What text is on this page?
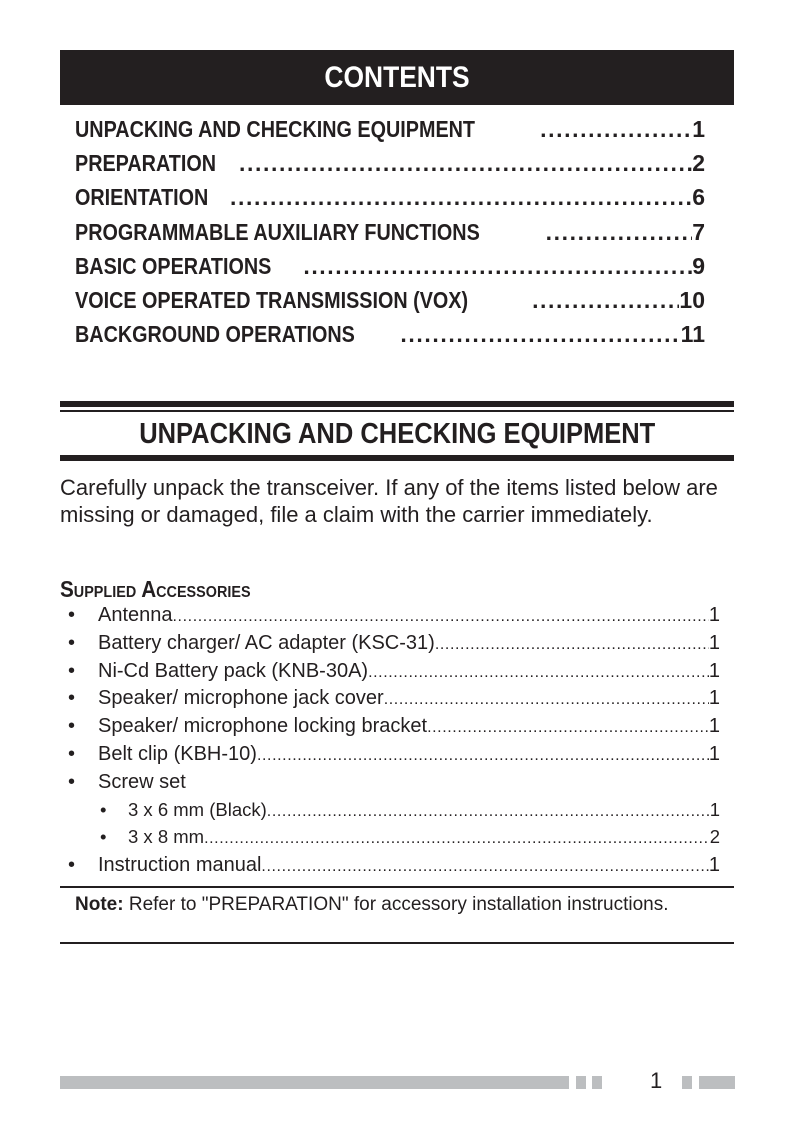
CONTENTS
UNPACKING AND CHECKING EQUIPMENT .....	1
PREPARATION .....	2
ORIENTATION .....	6
PROGRAMMABLE AUXILIARY FUNCTIONS .....	7
BASIC OPERATIONS .....	9
VOICE OPERATED TRANSMISSION (VOX) .....	10
BACKGROUND OPERATIONS .....	11
UNPACKING AND CHECKING EQUIPMENT

Carefully unpack the transceiver. If any of the items listed below are missing or damaged, file a claim with the carrier immediately.

Supplied Accessories
• Antenna .....	1
• Battery charger/ AC adapter (KSC-31) .....	1
• Ni-Cd Battery pack (KNB-30A) .....	1
• Speaker/ microphone jack cover .....	1
• Speaker/ microphone locking bracket .....	1
• Belt clip (KBH-10) .....	1
• Screw set
• 3 x 6 mm (Black) .....	1
• 3 x 8 mm .....	2
• Instruction manual .....	1

Note: Refer to "PREPARATION" for accessory installation instructions.

1
